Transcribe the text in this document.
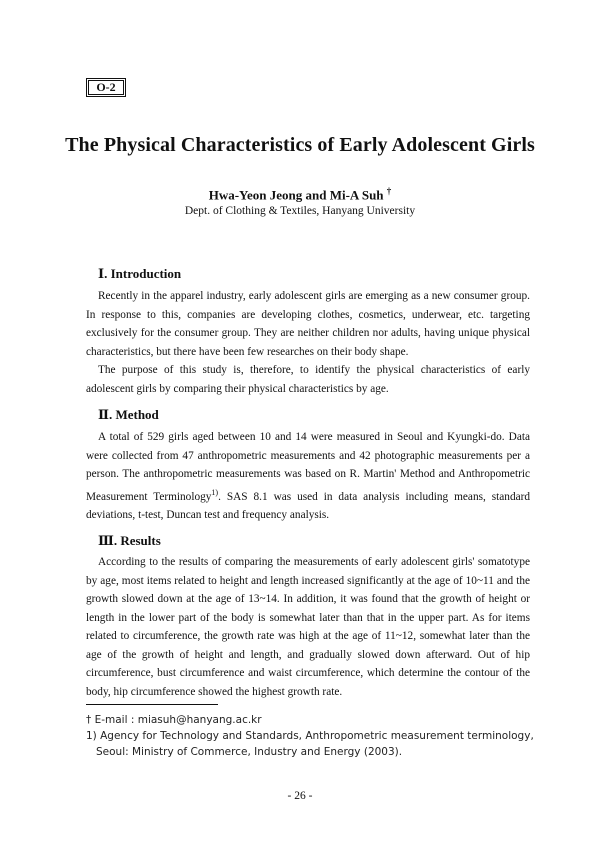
O-2
The Physical Characteristics of Early Adolescent Girls
Hwa-Yeon Jeong and Mi-A Suh †
Dept. of Clothing & Textiles, Hanyang University
Ⅰ. Introduction

Recently in the apparel industry, early adolescent girls are emerging as a new consumer group. In response to this, companies are developing clothes, cosmetics, underwear, etc. targeting exclusively for the consumer group. They are neither children nor adults, having unique physical characteristics, but there have been few researches on their body shape.

The purpose of this study is, therefore, to identify the physical characteristics of early adolescent girls by comparing their physical characteristics by age.

Ⅱ. Method

A total of 529 girls aged between 10 and 14 were measured in Seoul and Kyungki-do. Data were collected from 47 anthropometric measurements and 42 photographic measurements per a person. The anthropometric measurements was based on R. Martin' Method and Anthropometric Measurement Terminology$^{1)}$. SAS 8.1 was used in data analysis including means, standard deviations, t-test, Duncan test and frequency analysis.

Ⅲ. Results

According to the results of comparing the measurements of early adolescent girls' somatotype by age, most items related to height and length increased significantly at the age of 10~11 and the growth slowed down at the age of 13~14. In addition, it was found that the growth of height or length in the lower part of the body is somewhat later than that in the upper part. As for items related to circumference, the growth rate was high at the age of 11~12, somewhat later than the age of the growth of height and length, and gradually slowed down afterward. Out of hip circumference, bust circumference and waist circumference, which determine the contour of the body, hip circumference showed the highest growth rate.

† E-mail : miasuh@hanyang.ac.kr

1) Agency for Technology and Standards, Anthropometric measurement terminology, Seoul: Ministry of Commerce, Industry and Energy (2003).

- 26 -
